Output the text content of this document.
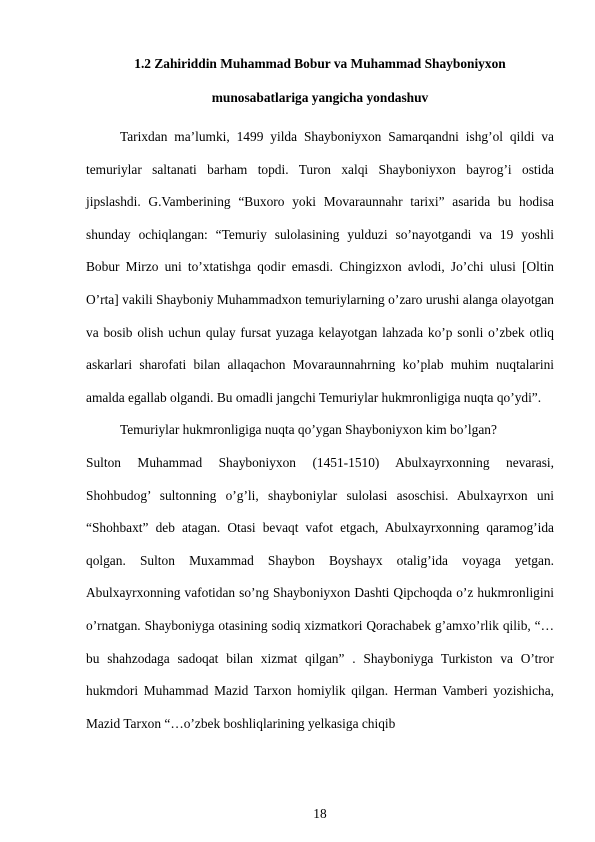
1.2 Zahiriddin Muhammad Bobur va Muhammad Shayboniyxon
munosabatlariga yangicha yondashuv

Tarixdan ma’lumki, 1499 yilda Shayboniyxon Samarqandni ishg’ol qildi va temuriylar saltanati barham topdi. Turon xalqi Shayboniyxon bayrog’i ostida jipslashdi. G.Vamberining “Buxoro yoki Movaraunnahr tarixi” asarida bu hodisa shunday ochiqlangan: “Temuriy sulolasining yulduzi so’nayotgandi va 19 yoshli Bobur Mirzo uni to’xtatishga qodir emasdi. Chingizxon avlodi, Jo’chi ulusi [Oltin O’rta] vakili Shayboniy Muhammadxon temuriylarning o’zaro urushi alanga olayotgan va bosib olish uchun qulay fursat yuzaga kelayotgan lahzada ko’p sonli o’zbek otliq askarlari sharofati bilan allaqachon Movaraunnahrning ko’plab muhim nuqtalarini amalda egallab olgandi. Bu omadli jangchi Temuriylar hukmronligiga nuqta qo’ydi”.

Temuriylar hukmronligiga nuqta qo’ygan Shayboniyxon kim bo’lgan?

Sulton Muhammad Shayboniyxon (1451-1510) Abulxayrxonning nevarasi, Shohbudog’ sultonning o’g’li, shayboniylar sulolasi asoschisi. Abulxayrxon uni “Shohbaxt” deb atagan. Otasi bevaqt vafot etgach, Abulxayrxonning qaramog’ida qolgan. Sulton Muxammad Shaybon Boyshayx otalig’ida voyaga yetgan. Abulxayrxonning vafotidan so’ng Shayboniyxon Dashti Qipchoqda o’z hukmronligini o’rnatgan. Shayboniyga otasining sodiq xizmatkori Qorachabek g’amxo’rlik qilib, “…bu shahzodaga sadoqat bilan xizmat qilgan” . Shayboniyga Turkiston va O’tror hukmdori Muhammad Mazid Tarxon homiylik qilgan. Herman Vamberi yozishicha, Mazid Tarxon “…o’zbek boshliqlarining yelkasiga chiqib

18
